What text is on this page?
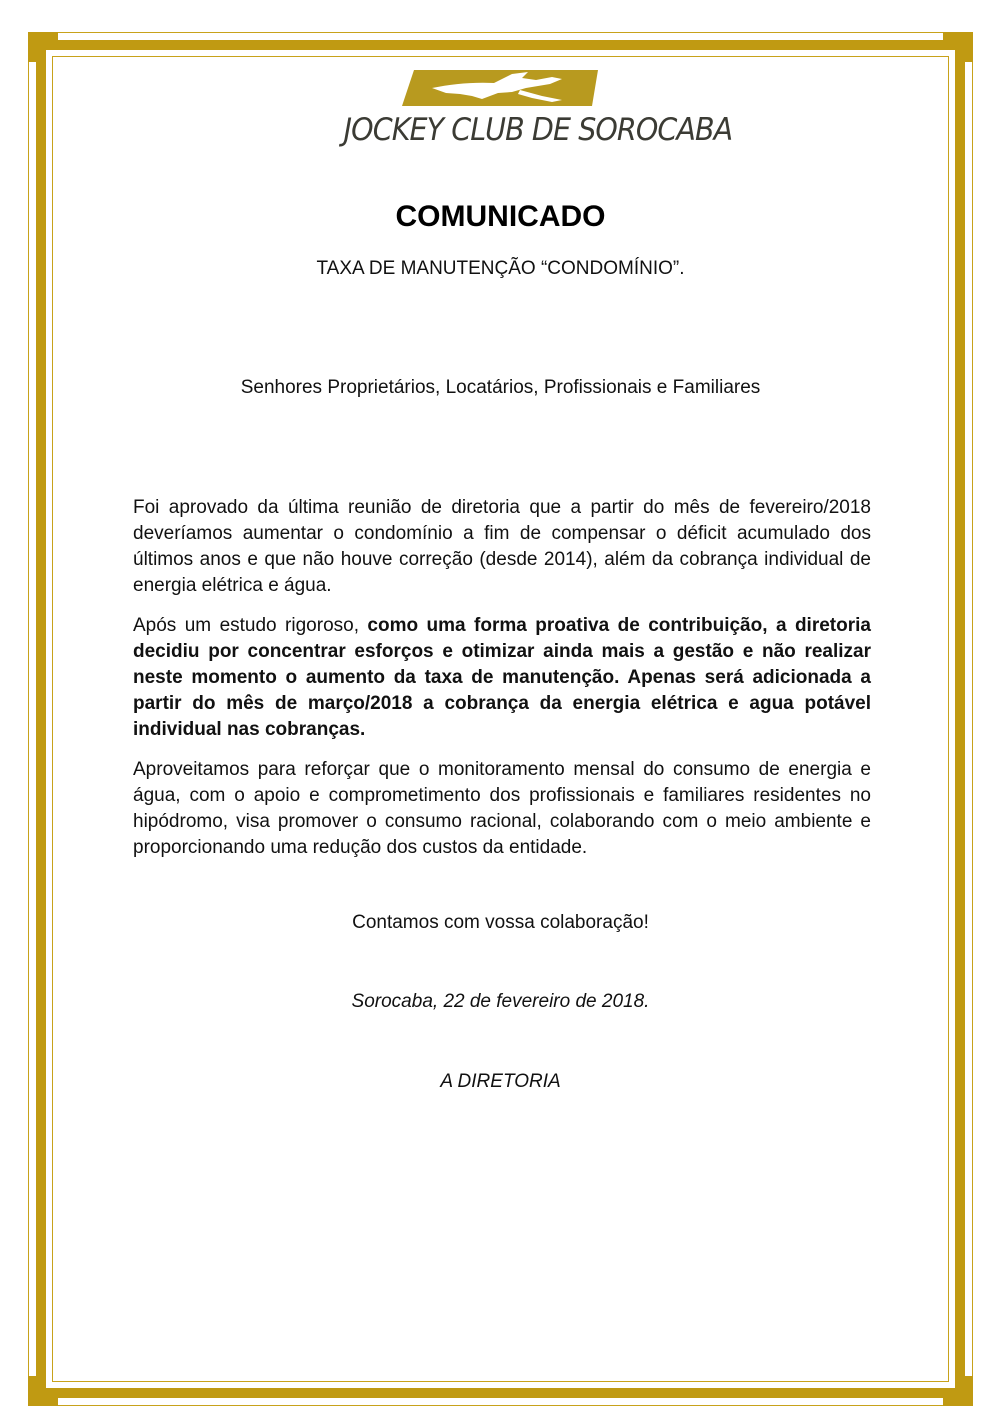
JOCKEY CLUB DE SOROCABA
COMUNICADO
TAXA DE MANUTENÇÃO “CONDOMÍNIO”.
Senhores Proprietários, Locatários, Profissionais e Familiares

Foi aprovado da última reunião de diretoria que a partir do mês de fevereiro/2018 deveríamos aumentar o condomínio a fim de compensar o déficit acumulado dos últimos anos e que não houve correção (desde 2014), além da cobrança individual de energia elétrica e água.

Após um estudo rigoroso, como uma forma proativa de contribuição, a diretoria decidiu por concentrar esforços e otimizar ainda mais a gestão e não realizar neste momento o aumento da taxa de manutenção. Apenas será adicionada a partir do mês de março/2018 a cobrança da energia elétrica e agua potável individual nas cobranças.

Aproveitamos para reforçar que o monitoramento mensal do consumo de energia e água, com o apoio e comprometimento dos profissionais e familiares residentes no hipódromo, visa promover o consumo racional, colaborando com o meio ambiente e proporcionando uma redução dos custos da entidade.

Contamos com vossa colaboração!
Sorocaba, 22 de fevereiro de 2018.
A DIRETORIA
